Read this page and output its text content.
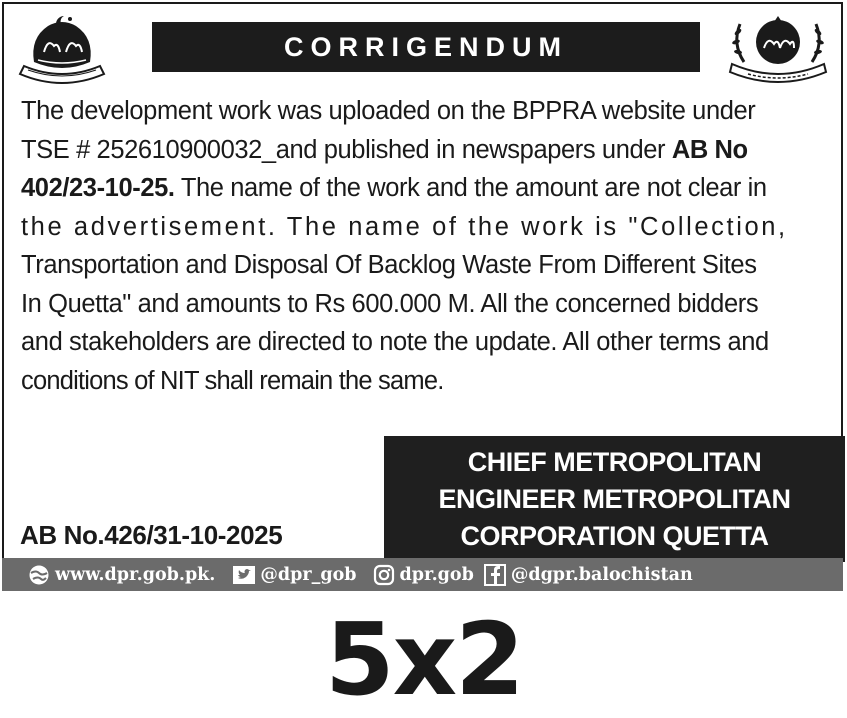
CORRIGENDUM
The development work was uploaded on the BPPRA website under
TSE # 252610900032_and published in newspapers under AB No
402/23-10-25. The name of the work and the amount are not clear in
the advertisement. The name of the work is "Collection,
Transportation and Disposal Of Backlog Waste From Different Sites
In Quetta" and amounts to Rs 600.000 M. All the concerned bidders
and stakeholders are directed to note the update. All other terms and
conditions of NIT shall remain the same.
CHIEF METROPOLITAN
ENGINEER METROPOLITAN
CORPORATION QUETTA
AB No.426/31-10-2025
www.dpr.gob.pk.	@dpr_gob dpr.gob @dgpr.balochistan
5x2
